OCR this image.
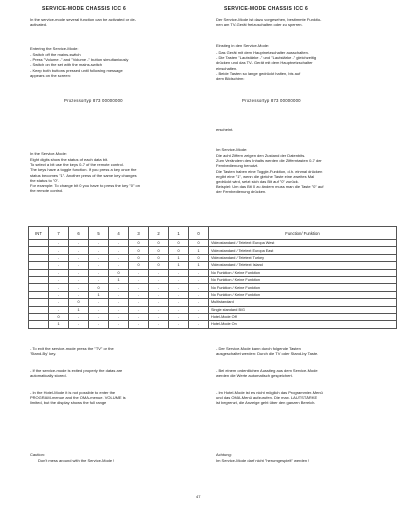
SERVICE-MODE CHASSIS ICC 6	SERVICE-MODE CHASSIS ICC 6
In the service-mode several function can be activated or de-
activated.
Entering the Service-Mode:
- Switch off the mains-switch
- Press "Volume -" and "Volume -" button simultaniously
- Switch on the set with the mains-switch
- Keep both buttons pressed until following message
appears on the screen:
Prozessortyp 873 00000000
Der Service-Mode ist dazu vorgesehen, bestimmte Funktio-
nen am TV-Gerät freizuschalten oder zu sperren.
Einstieg in den Service-Mode:
- Das Gerät mit dem Hauptnetzschalter ausschalten.
- Die Tasten "Lautstärke -" und "Lautstärke -" gleichzeitig
drücken und das TV- Gerät mit dem Hauptnetzschalter
einschalten.
- Beide Tasten so lange gedrückt halten, bis auf
dem Bildschirm:
Prozessortyp 873 00000000
erscheint.
In the Service-Mode:
Eight digits show the status of each data bit.
To select a bit use the keys 0-7 of the remote control.
The keys have a toggle function. If you press a key once the
status becomes "1". Another press of the same key changes
the status to "0".
For example: To change bit 0 you have to press the key "0" on
the remote control.
Im Service-Mode:
Die acht Ziffern zeigen den Zustand der Datenbits.
Zum Verändern des Inhalts werden die Zifferntasten 0-7 der
Fernbedienung benutzt.
Die Tasten haben eine Toggle-Funktion, d.h. einmal drücken
ergibt eine "1", wenn die gleiche Taste eine zweites Mal
gedrückt wird, setzt sich das Bit auf "0" zurück.
Beispiel: Um das Bit 0 zu ändern muss man die Taste "0" auf
der Fernbedienung drücken.
INT	7	6	5	4	3	2	1	0	Function/ Funktion
	-	-	-	-	0	0	0	0	Videostandard / Telelext Europa West
	-	-	-	-	0	0	0	1	Videostandard / Telelext Europa East
	-	-	-	-	0	0	1	0	Videostandard / Teletext Turkey
	-	-	-	-	0	0	1	1	Videostandard / Teletext Island
	-	-	-	0	-	-	-	-	No Funktion / Keine Funktion
	-	-	-	1	-	-	-	-	No Funktion / Keine Funktion
	-	-	0	-	-	-	-	-	No Funktion / Keine Funktion
	-	-	1	-	-	-	-	-	No Funktion / Keine Funktion
	-	0	-	-	-	-	-	-	Multistandard
	-	1	-	-	-	-	-	-	Single standard B/G
	0	-	-	-	-	-	-	-	Hotel-Mode Off
	1	-	-	-	-	-	-	-	Hotel-Mode On
- To exit the service-mode press the "TV" or the
'Stand-By' key.
- If the service-mode is exited properly the datas are
automatically stored.
- In the Hotel-Mode it is not possible to enter the
PROGRAM-menue and the OMA-menue. VOLUME is
limited, but the display shows the full range
- Der Service-Mode kann durch folgende Tasten
ausgeschaltet werden: Durch die TV oder Stand-by Taste.
- Bei einem ordentlichen Ausstieg aus dem Service-Mode
werden die Werte automatisch gespeichert.
- Im Hotel-Mode ist es nicht möglich das Programmier-Menü
und das OMA-Menü aufzurufen. Die max. LAUTSTÄRKE
ist begrenzt, die Anzeige geht über den ganzen Bereich.
Caution:
Don't mess around with the Service-Mode !
Achtung:
Im Service-Mode darf nicht "herumgespielt" werden !
47
